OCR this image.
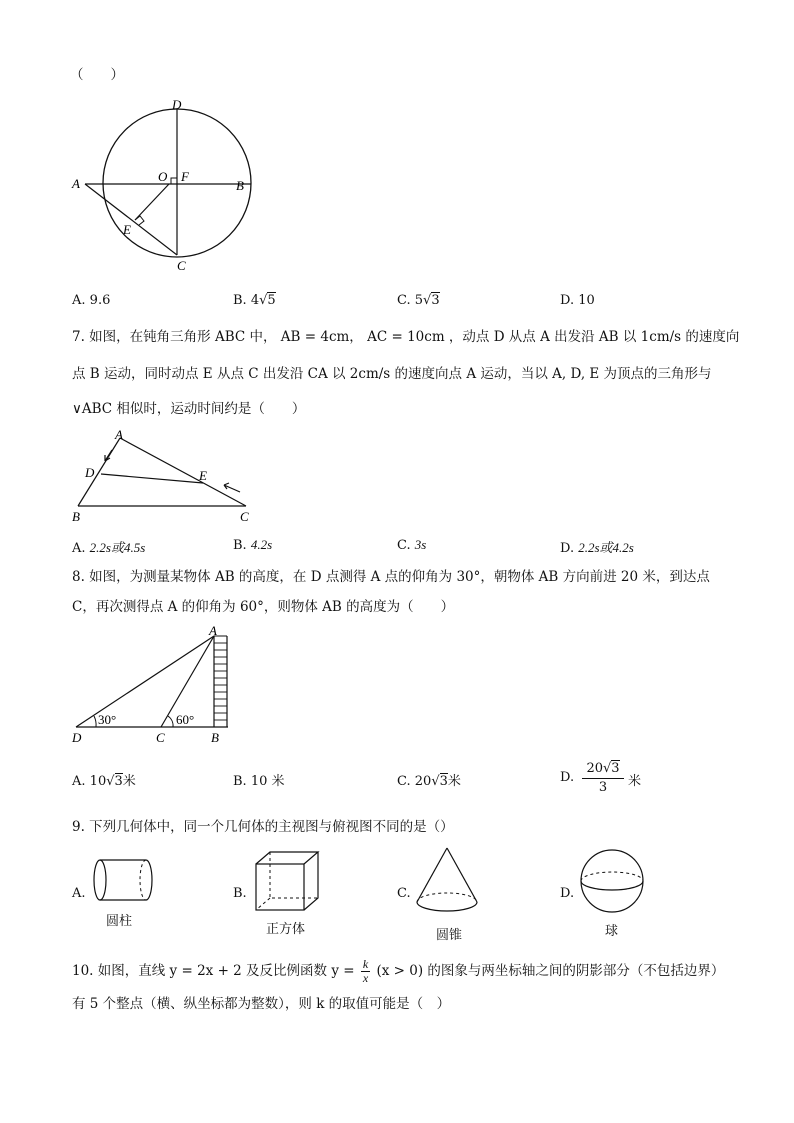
（　　）
D
O F
A	B
E
C
A. 9.6	B. 4√5	C. 5√3	D. 10
7. 如图，在钝角三角形 ABC 中， AB = 4cm， AC = 10cm ，动点 D 从点 A 出发沿 AB 以 1cm/s 的速度向
点 B 运动，同时动点 E 从点 C 出发沿 CA 以 2cm/s 的速度向点 A 运动，当以 A, D, E 为顶点的三角形与
∨ABC 相似时，运动时间约是（　　）
A
D	E
B	C
A. 2.2s或4.5s	B. 4.2s	C. 3s	D. 2.2s或4.2s
8. 如图，为测量某物体 AB 的高度，在 D 点测得 A 点的仰角为 30°，朝物体 AB 方向前进 20 米，到达点
C，再次测得点 A 的仰角为 60°，则物体 AB 的高度为（　　）
A
D	C	B
30°	60°
A. 10√3米	B. 10 米	C. 20√3米	D. $\frac{20√3}{3}$ 米
9. 下列几何体中，同一个几何体的主视图与俯视图不同的是（）
A.
圆柱
B.
正方体
C.
圆锥
D.
球
10. 如图，直线 y = 2x + 2 及反比例函数 $y = \frac{k}{x} (x > 0)$ 的图象与两坐标轴之间的阴影部分（不包括边界）
有 5 个整点（横、纵坐标都为整数），则 k 的取值可能是（　）
